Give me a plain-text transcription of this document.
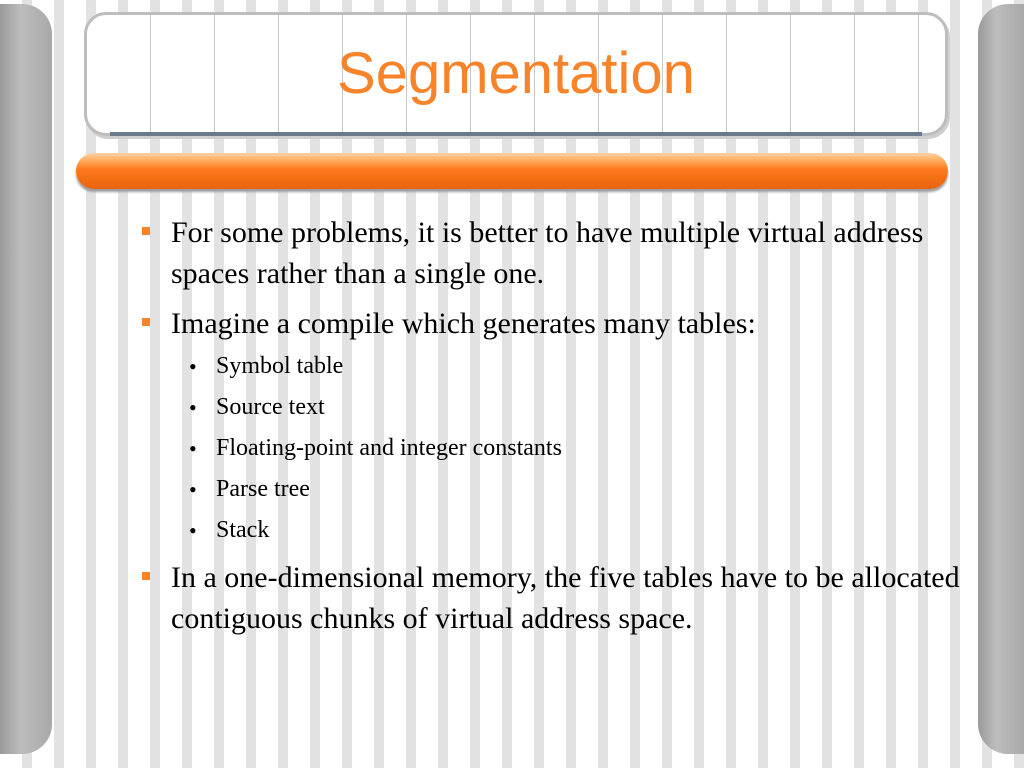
Segmentation
For some problems, it is better to have multiple virtual address spaces rather than a single one.
Imagine a compile which generates many tables:
• Symbol table
• Source text
• Floating-point and integer constants
• Parse tree
• Stack
In a one-dimensional memory, the five tables have to be allocated contiguous chunks of virtual address space.
